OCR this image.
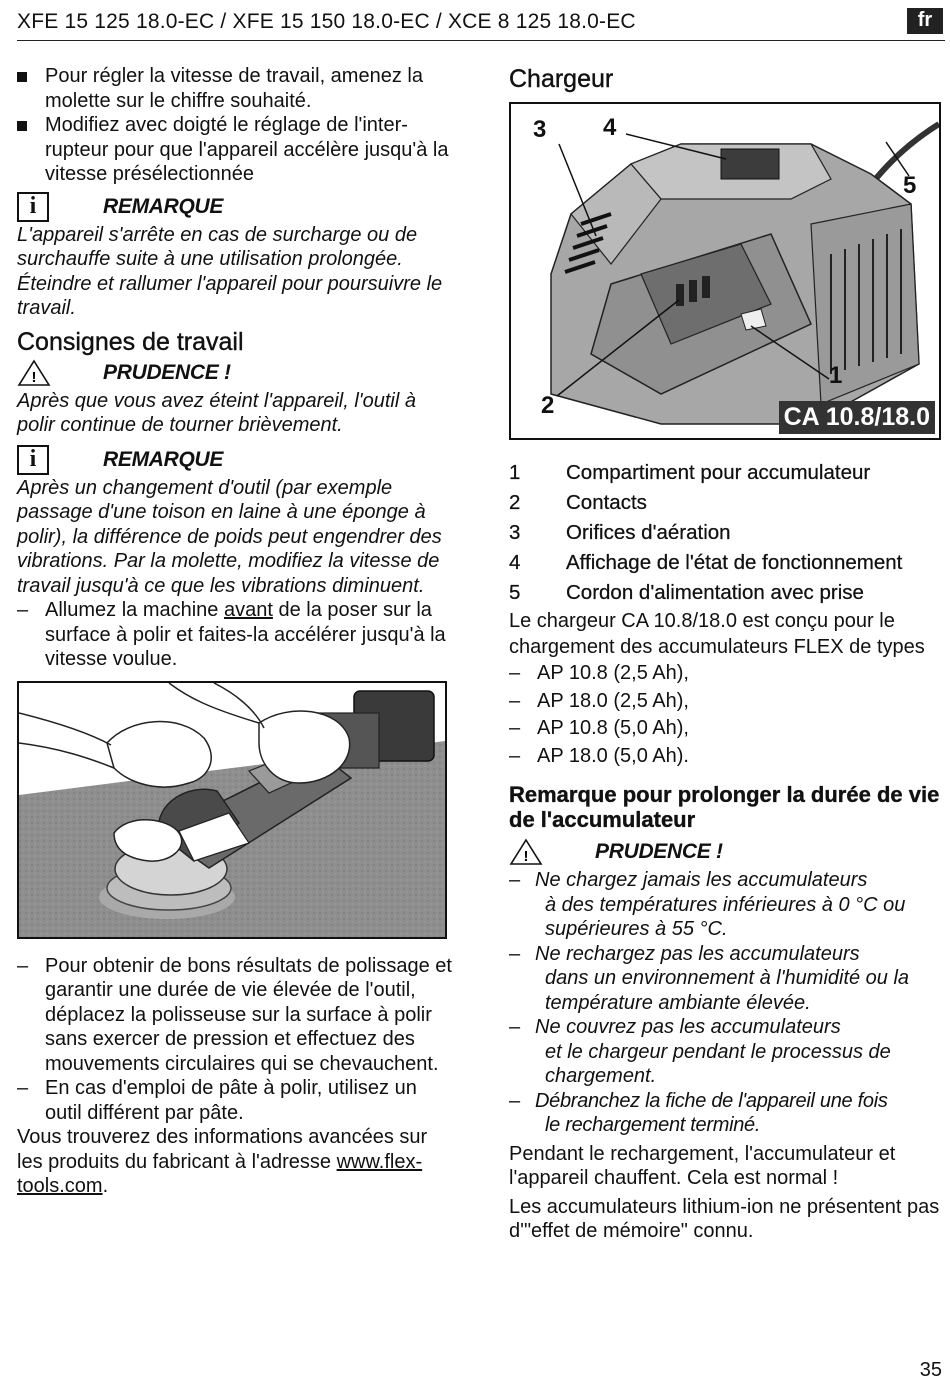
XFE 15 125 18.0-EC / XFE 15 150 18.0-EC / XCE 8 125 18.0-EC	fr
Pour régler la vitesse de travail, amenez la molette sur le chiffre souhaité.
Modifiez avec doigté le réglage de l'inter-rupteur pour que l'appareil accélère jusqu'à la vitesse présélectionnée
i	REMARQUE

L'appareil s'arrête en cas de surcharge ou de surchauffe suite à une utilisation prolongée. Éteindre et rallumer l'appareil pour poursuivre le travail.

Consignes de travail
!	PRUDENCE !

Après que vous avez éteint l'appareil, l'outil à polir continue de tourner brièvement.

i	REMARQUE

Après un changement d'outil (par exemple passage d'une toison en laine à une éponge à polir), la différence de poids peut engendrer des vibrations. Par la molette, modifiez la vitesse de travail jusqu'à ce que les vibrations diminuent.

– Allumez la machine avant de la poser sur la surface à polir et faites-la accélérer jusqu'à la vitesse voulue.
– Pour obtenir de bons résultats de polissage et garantir une durée de vie élevée de l'outil, déplacez la polisseuse sur la surface à polir sans exercer de pression et effectuez des mouvements circulaires qui se chevauchent.
– En cas d'emploi de pâte à polir, utilisez un outil différent par pâte.

Vous trouverez des informations avancées sur les produits du fabricant à l'adresse www.flex-tools.com.

Chargeur
1
2
3 4
5
CA 10.8/18.0
1	Compartiment pour accumulateur
2	Contacts
3	Orifices d'aération
4	Affichage de l'état de fonctionnement
5	Cordon d'alimentation avec prise

Le chargeur CA 10.8/18.0 est conçu pour le chargement des accumulateurs FLEX de types

– AP 10.8 (2,5 Ah),
– AP 18.0 (2,5 Ah),
– AP 10.8 (5,0 Ah),
– AP 18.0 (5,0 Ah).
Remarque pour prolonger la durée de vie de l'accumulateur
!	PRUDENCE !
– Ne chargez jamais les accumulateurs
à des températures inférieures à 0 °C ou supérieures à 55 °C.
– Ne rechargez pas les accumulateurs
dans un environnement à l'humidité ou la température ambiante élevée.
– Ne couvrez pas les accumulateurs
et le chargeur pendant le processus de chargement.
– Débranchez la fiche de l'appareil une fois
le rechargement terminé.

Pendant le rechargement, l'accumulateur et l'appareil chauffent. Cela est normal !

Les accumulateurs lithium-ion ne présentent pas d'"effet de mémoire" connu.

35
